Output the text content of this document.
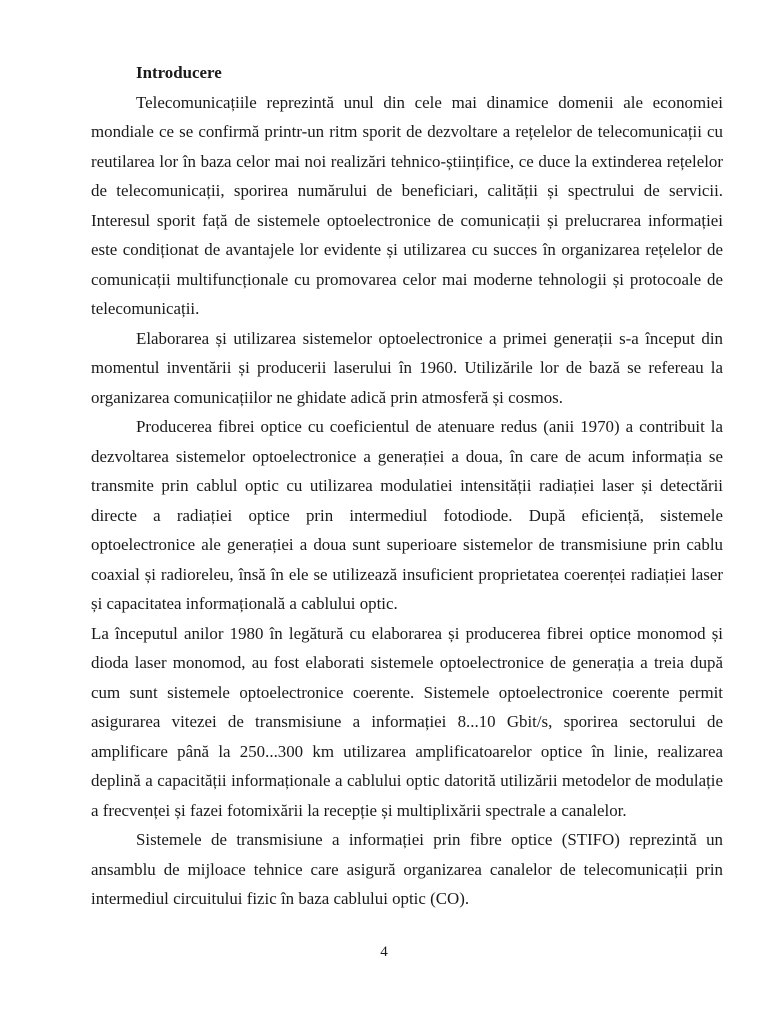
Introducere

Telecomunicațiile reprezintă unul din cele mai dinamice domenii ale economiei mondiale ce se confirmă printr-un ritm sporit de dezvoltare a rețelelor de telecomunicații cu reutilarea lor în baza celor mai noi realizări tehnico-științifice, ce duce la extinderea rețelelor de telecomunicații, sporirea numărului de beneficiari, calității și spectrului de servicii. Interesul sporit față de sistemele optoelectronice de comunicații și prelucrarea informației este condiționat de avantajele lor evidente și utilizarea cu succes în organizarea rețelelor de comunicații multifuncționale cu promovarea celor mai moderne tehnologii și protocoale de telecomunicații.

Elaborarea și utilizarea sistemelor optoelectronice a primei generații s-a început din momentul inventării și producerii laserului în 1960. Utilizările lor de bază se refereau la organizarea comunicațiilor ne ghidate adică prin atmosferă și cosmos.

Producerea fibrei optice cu coeficientul de atenuare redus (anii 1970) a contribuit la dezvoltarea sistemelor optoelectronice a generației a doua, în care de acum informația se transmite prin cablul optic cu utilizarea modulatiei intensității radiației laser și detectării directe a radiației optice prin intermediul fotodiode. După eficiență, sistemele optoelectronice ale generației a doua sunt superioare sistemelor de transmisiune prin cablu coaxial și radioreleu, însă în ele se utilizează insuficient proprietatea coerenței radiației laser și capacitatea informațională a cablului optic.

La începutul anilor 1980 în legătură cu elaborarea și producerea fibrei optice monomod și dioda laser monomod, au fost elaborati sistemele optoelectronice de generația a treia după cum sunt sistemele optoelectronice coerente. Sistemele optoelectronice coerente permit asigurarea vitezei de transmisiune a informației 8...10 Gbit/s, sporirea sectorului de amplificare până la 250...300 km utilizarea amplificatoarelor optice în linie, realizarea deplină a capacității informaționale a cablului optic datorită utilizării metodelor de modulație a frecvenței și fazei fotomixării la recepție și multiplixării spectrale a canalelor.

Sistemele de transmisiune a informației prin fibre optice (STIFO) reprezintă un ansamblu de mijloace tehnice care asigură organizarea canalelor de telecomunicații prin intermediul circuitului fizic în baza cablului optic (CO).

4
